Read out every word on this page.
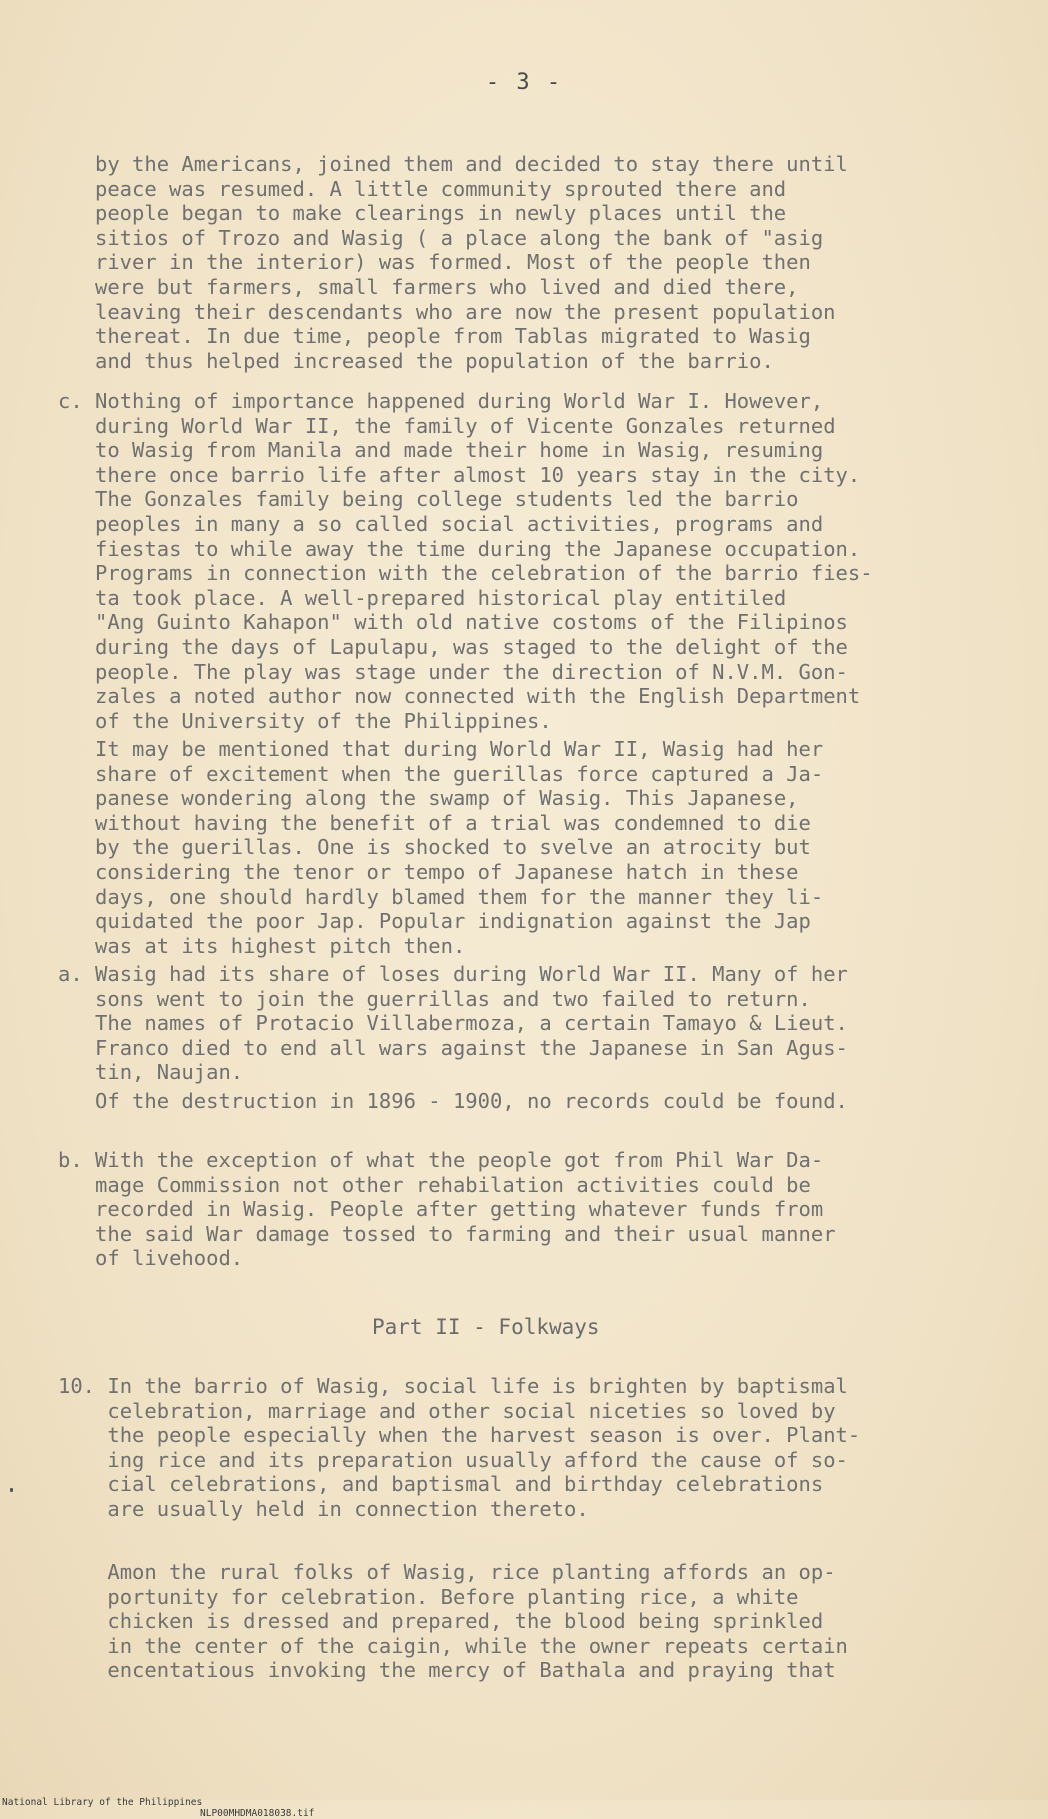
- 3 -
by the Americans, joined them and decided to stay there until
peace was resumed. A little community sprouted there and
people began to make clearings in newly places until the
sitios of Trozo and Wasig ( a place along the bank of "asig
river in the interior) was formed. Most of the people then
were but farmers, small farmers who lived and died there,
leaving their descendants who are now the present population
thereat. In due time, people from Tablas migrated to Wasig
and thus helped increased the population of the barrio.
c. Nothing of importance happened during World War I. However,
during World War II, the family of Vicente Gonzales returned
to Wasig from Manila and made their home in Wasig, resuming
there once barrio life after almost 10 years stay in the city.
The Gonzales family being college students led the barrio
peoples in many a so called social activities, programs and
fiestas to while away the time during the Japanese occupation.
Programs in connection with the celebration of the barrio fies-
ta took place. A well-prepared historical play entitiled
"Ang Guinto Kahapon" with old native costoms of the Filipinos
during the days of Lapulapu, was staged to the delight of the
people. The play was stage under the direction of N.V.M. Gon-
zales a noted author now connected with the English Department
of the University of the Philippines.
It may be mentioned that during World War II, Wasig had her
share of excitement when the guerillas force captured a Ja-
panese wondering along the swamp of Wasig. This Japanese,
without having the benefit of a trial was condemned to die
by the guerillas. One is shocked to svelve an atrocity but
considering the tenor or tempo of Japanese hatch in these
days, one should hardly blamed them for the manner they li-
quidated the poor Jap. Popular indignation against the Jap
was at its highest pitch then.
a. Wasig had its share of loses during World War II. Many of her
sons went to join the guerrillas and two failed to return.
The names of Protacio Villabermoza, a certain Tamayo & Lieut.
Franco died to end all wars against the Japanese in San Agus-
tin, Naujan.
Of the destruction in 1896 - 1900, no records could be found.
b. With the exception of what the people got from Phil War Da-
mage Commission not other rehabilation activities could be
recorded in Wasig. People after getting whatever funds from
the said War damage tossed to farming and their usual manner
of livehood.
Part II - Folkways
10. In the barrio of Wasig, social life is brighten by baptismal
celebration, marriage and other social niceties so loved by
the people especially when the harvest season is over. Plant-
ing rice and its preparation usually afford the cause of so-
cial celebrations, and baptismal and birthday celebrations
are usually held in connection thereto.
Amon the rural folks of Wasig, rice planting affords an op-
portunity for celebration. Before planting rice, a white
chicken is dressed and prepared, the blood being sprinkled
in the center of the caigin, while the owner repeats certain
encentatious invoking the mercy of Bathala and praying that

National Library of the Philippines

NLP00MHDMA018038.tif
